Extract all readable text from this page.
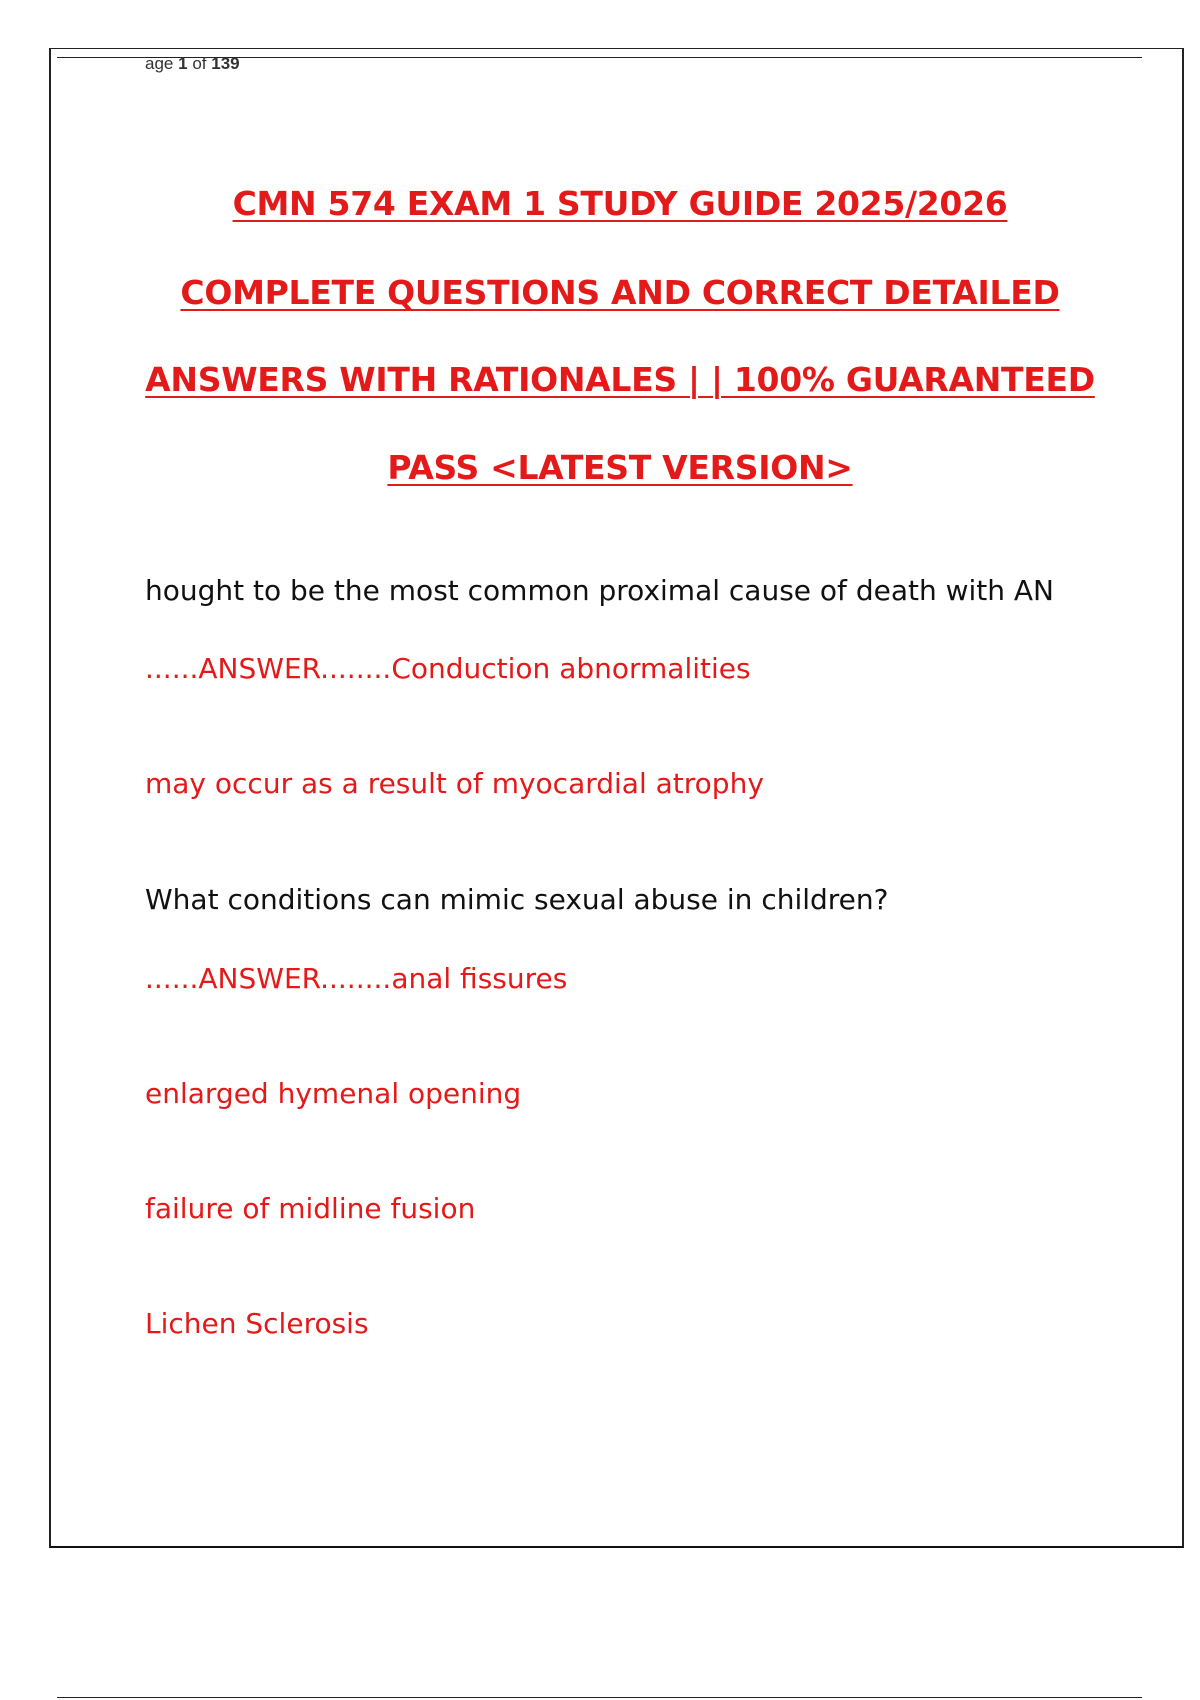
age 1 of 139
CMN 574 EXAM 1 STUDY GUIDE 2025/2026
COMPLETE QUESTIONS AND CORRECT DETAILED
ANSWERS WITH RATIONALES | | 100% GUARANTEED
PASS <LATEST VERSION>
hought to be the most common proximal cause of death with AN
......ANSWER........Conduction abnormalities
may occur as a result of myocardial atrophy
What conditions can mimic sexual abuse in children?
......ANSWER........anal fissures
enlarged hymenal opening
failure of midline fusion
Lichen Sclerosis
